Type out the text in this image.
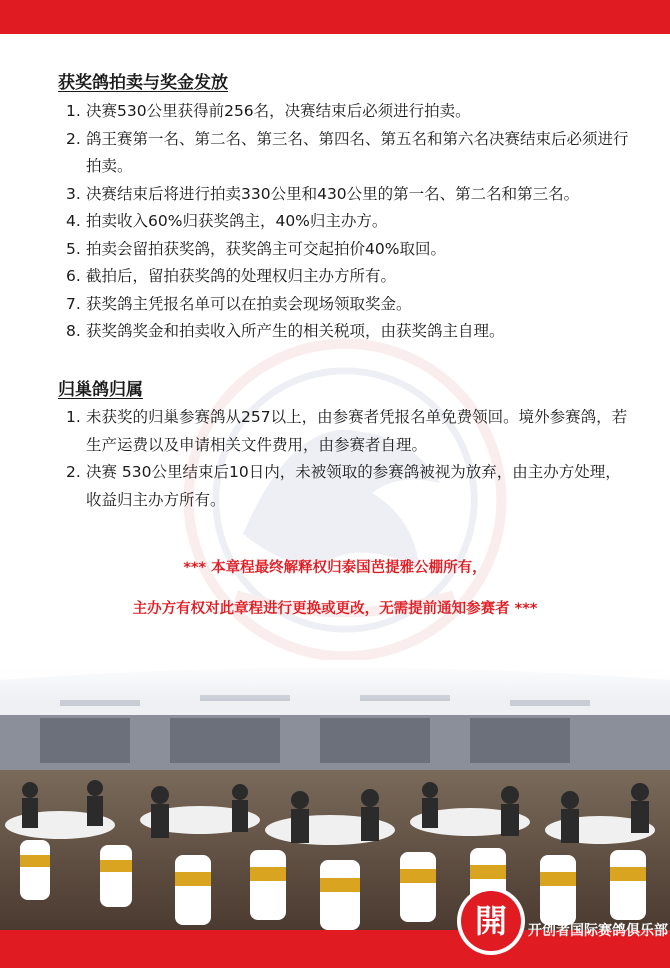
获奖鸽拍卖与奖金发放
1. 决赛530公里获得前256名，决赛结束后必须进行拍卖。
2. 鸽王赛第一名、第二名、第三名、第四名、第五名和第六名决赛结束后必须进行拍卖。
3. 决赛结束后将进行拍卖330公里和430公里的第一名、第二名和第三名。
4. 拍卖收入60%归获奖鸽主，40%归主办方。
5. 拍卖会留拍获奖鸽，获奖鸽主可交起拍价40%取回。
6. 截拍后，留拍获奖鸽的处理权归主办方所有。
7. 获奖鸽主凭报名单可以在拍卖会现场领取奖金。
8. 获奖鸽奖金和拍卖收入所产生的相关税项，由获奖鸽主自理。
归巢鸽归属
1. 未获奖的归巢参赛鸽从257以上，由参赛者凭报名单免费领回。境外参赛鸽，若生产运费以及申请相关文件费用，由参赛者自理。
2. 决赛 530公里结束后10日内，未被领取的参赛鸽被视为放弃，由主办方处理，收益归主办方所有。

*** 本章程最终解释权归泰国芭提雅公棚所有，

主办方有权对此章程进行更换或更改，无需提前通知参赛者 ***

開 开创者国际赛鸽俱乐部
